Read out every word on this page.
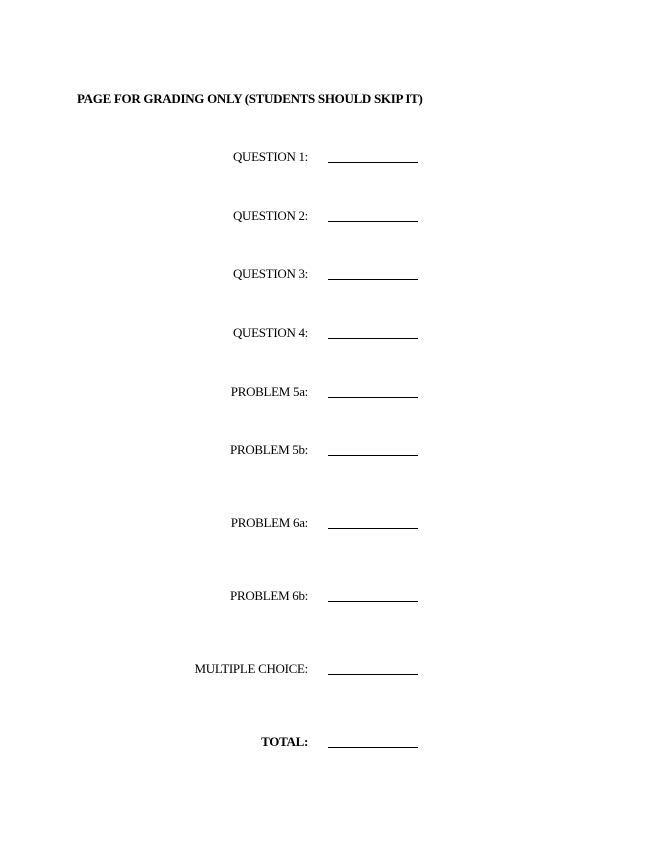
PAGE FOR GRADING ONLY (STUDENTS SHOULD SKIP IT)
QUESTION 1:
QUESTION 2:
QUESTION 3:
QUESTION 4:
PROBLEM 5a:
PROBLEM 5b:
PROBLEM 6a:
PROBLEM 6b:
MULTIPLE CHOICE:
TOTAL:
